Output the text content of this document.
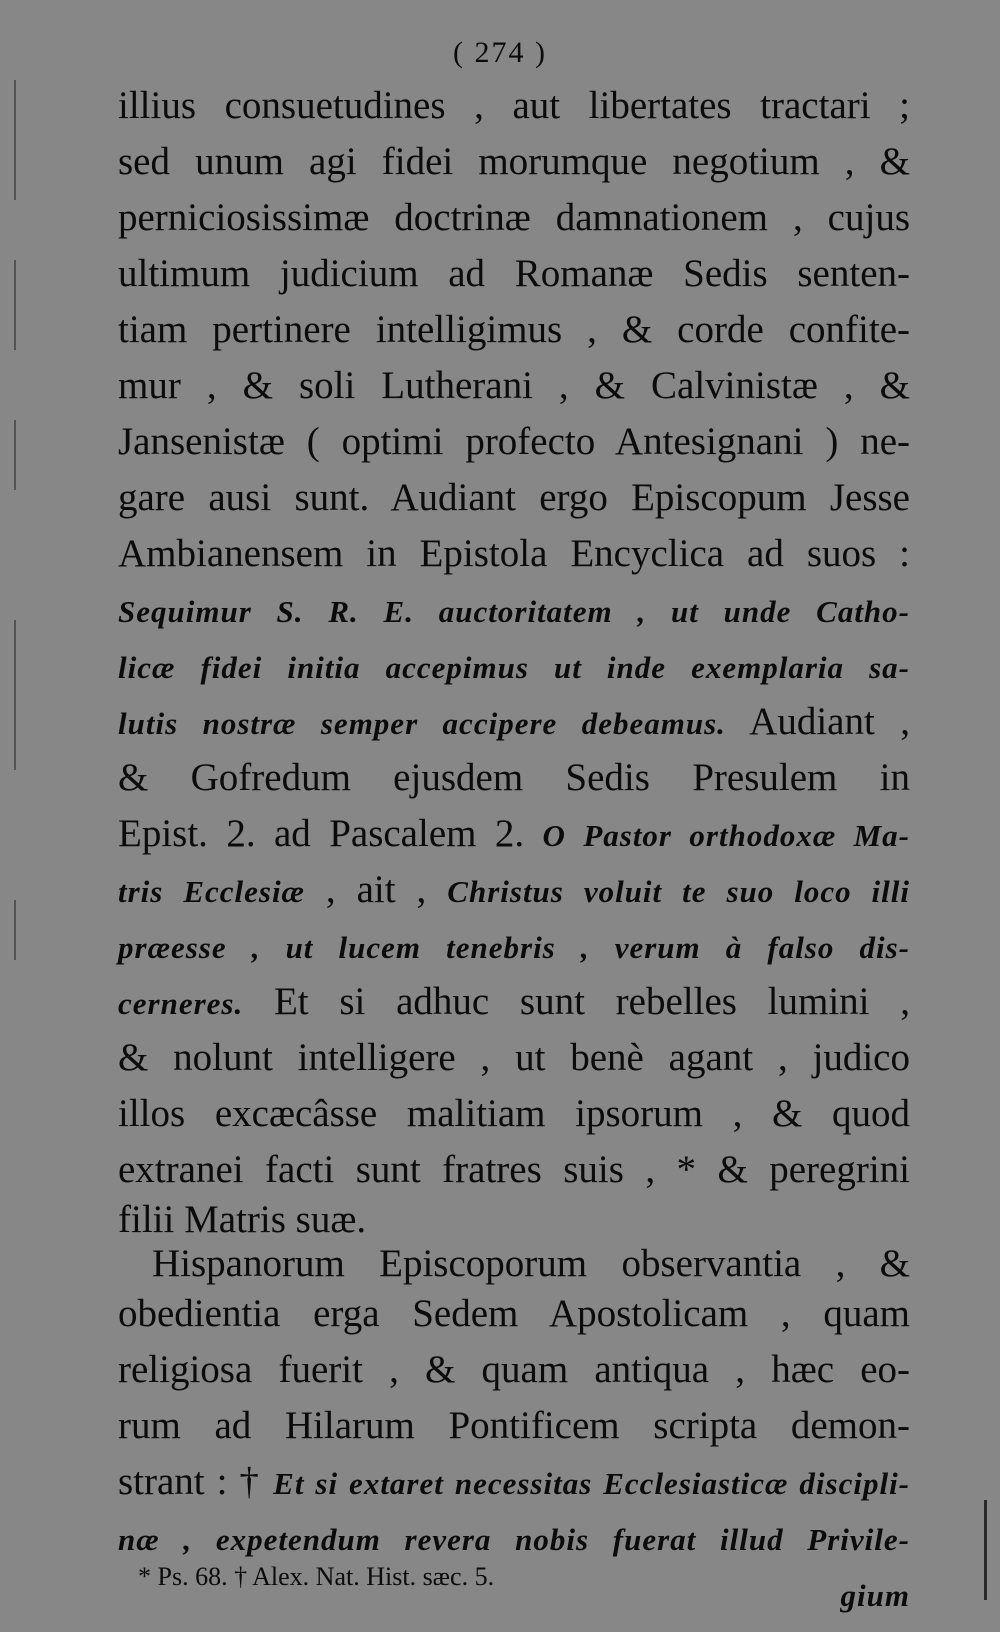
( 274 )
illius consuetudines , aut libertates tractari ;
sed unum agi fidei morumque negotium , &
perniciosissimæ doctrinæ damnationem , cujus
ultimum judicium ad Romanæ Sedis senten-
tiam pertinere intelligimus , & corde confite-
mur , & soli Lutherani , & Calvinistæ , &
Jansenistæ ( optimi profecto Antesignani ) ne-
gare ausi sunt. Audiant ergo Episcopum Jesse
Ambianensem in Epistola Encyclica ad suos :
Sequimur S. R. E. auctoritatem , ut unde Catho-
licæ fidei initia accepimus ut inde exemplaria sa-
lutis nostræ semper accipere debeamus. Audiant ,
& Gofredum ejusdem Sedis Presulem in
Epist. 2. ad Pascalem 2. O Pastor orthodoxæ Ma-
tris Ecclesiæ , ait , Christus voluit te suo loco illi
præesse , ut lucem tenebris , verum à falso dis-
cerneres. Et si adhuc sunt rebelles lumini ,
& nolunt intelligere , ut benè agant , judico
illos excæcâsse malitiam ipsorum , & quod
extranei facti sunt fratres suis , * & peregrini
filii Matris suæ.
Hispanorum Episcoporum observantia , &
obedientia erga Sedem Apostolicam , quam
religiosa fuerit , & quam antiqua , hæc eo-
rum ad Hilarum Pontificem scripta demon-
strant : † Et si extaret necessitas Ecclesiasticæ discipli-
næ , expetendum revera nobis fuerat illud Privile-
gium
* Ps. 68. † Alex. Nat. Hist. sæc. 5.
